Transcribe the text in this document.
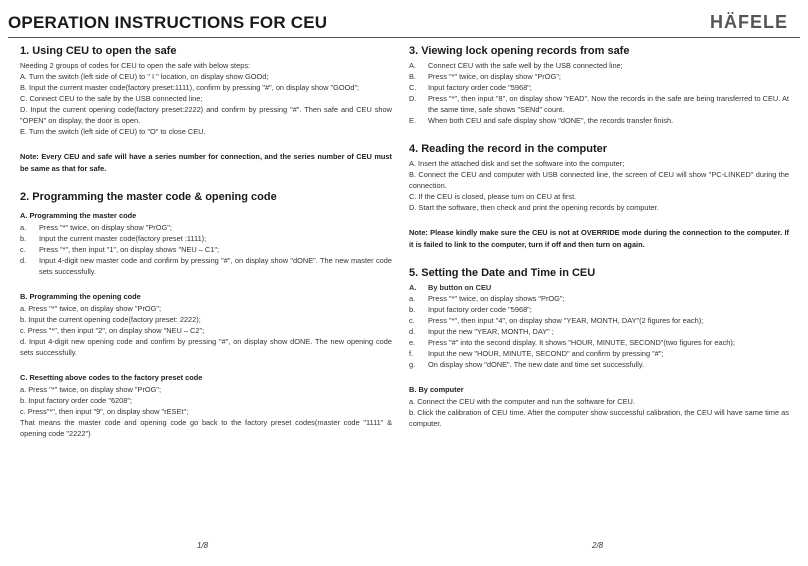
OPERATION INSTRUCTIONS FOR CEU	HÄFELE
1. Using CEU to open the safe
Needing 2 groups of codes for CEU to open the safe with below steps:
A. Turn the switch (left side of CEU) to " I " location, on display show GOOd;
B. Input the current master code(factory preset:1111), confirm by pressing "#", on display show "GOOd";
C. Connect CEU to the safe by the USB connected line;
D. Input the current opening code(factory preset:2222) and confirm by pressing "#". Then safe and CEU show "OPEN" on display, the door is open.
E. Turn the switch (left side of CEU) to "O" to close CEU.
Note: Every CEU and safe will have a series number for connection, and the series number of CEU must be same as that for safe.
2. Programming the master code & opening code
A. Programming the master code
a.	Press "*" twice, on display show "PrOG";
b.	Input the current master code(factory preset :1111);
c.	Press "*", then input "1", on display shows "NEU – C1";
d.	Input 4-digit new master code and confirm by pressing "#", on display show "dONE". The new master code sets successfully.
B. Programming the opening code
a. Press "*" twice, on display show "PrOG";
b. Input the current opening code(factory preset: 2222);
c. Press "*", then input "2", on display show "NEU – C2";
d. Input 4-digit new opening code and confirm by pressing "#", on display show dONE. The new opening code sets successfully.
C. Resetting above codes to the factory preset code
a. Press "*" twice, on display show "PrOG";
b. Input factory order code "6208";
c. Press"*", then input "9", on display show "rESEt";
That means the master code and opening code go back to the factory preset codes(master code "1111" & opening code "2222")
3. Viewing lock opening records from safe
A.	Connect CEU with the safe well by the USB connected line;
B.	Press "*" twice, on display show "PrOG";
C.	Input factory order code "5968";
D.	Press "*", then input "8", on display show "rEAD". Now the records in the safe are being transferred to CEU. At the same time, safe shows "SENd" count.
E.	When both CEU and safe display show "dONE", the records transfer finish.
4. Reading the record in the computer
A. Insert the attached disk and set the software into the computer;
B. Connect the CEU and computer with USB connected line, the screen of CEU will show "PC-LINKED" during the connection.
C. If the CEU is closed, please turn on CEU at first.
D. Start the software, then check and print the opening records by computer.
Note: Please kindly make sure the CEU is not at OVERRIDE mode during the connection to the computer. If it is failed to link to the computer, turn if off and then turn on again.
5. Setting the Date and Time in CEU
A.	By button on CEU
a.	Press "*" twice, on display shows "PrOG";
b.	Input factory order code "5968";
c.	Press "*", then input "4", on display show "YEAR, MONTH, DAY"(2 figures for each);
d.	Input the new "YEAR, MONTH, DAY" ;
e.	Press "#" into the second display. It shows "HOUR, MINUTE, SECOND"(two figures for each);
f.	Input the new "HOUR, MINUTE, SECOND" and confirm by pressing "#";
g.	On display show "dONE". The new date and time set successfully.
B. By computer
a. Connect the CEU with the computer and run the software for CEU.
b. Click the calibration of CEU time. After the computer show successful calibration, the CEU will have same time as computer.
1/8	2/8
